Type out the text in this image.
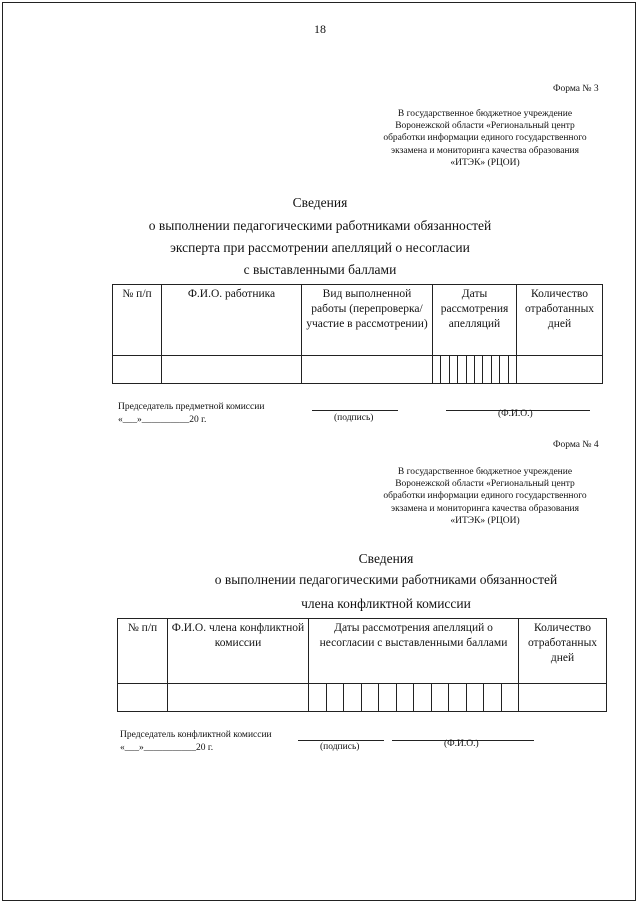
18
Форма № 3
В государственное бюджетное учреждение
Воронежской области «Региональный центр
обработки информации единого государственного
экзамена и мониторинга качества образования
«ИТЭК» (РЦОИ)
Сведения
о выполнении педагогическими работниками обязанностей
эксперта при рассмотрении апелляций о несогласии
с выставленными баллами
№ п/п	Ф.И.О. работника	Вид выполненной работы (перепроверка/участие в рассмотрении)	Даты рассмотрения апелляций	Количество отработанных дней

Председатель предметной комиссии
«___»__________20 г.	(подпись)	(Ф.И.О.)
Форма № 4
В государственное бюджетное учреждение
Воронежской области «Региональный центр
обработки информации единого государственного
экзамена и мониторинга качества образования
«ИТЭК» (РЦОИ)
Сведения
о выполнении педагогическими работниками обязанностей
члена конфликтной комиссии
№ п/п	Ф.И.О. члена конфликтной комиссии	Даты рассмотрения апелляций о несогласии с выставленными баллами	Количество отработанных дней

Председатель конфликтной комиссии
«___»___________20 г.	(подпись)	(Ф.И.О.)
